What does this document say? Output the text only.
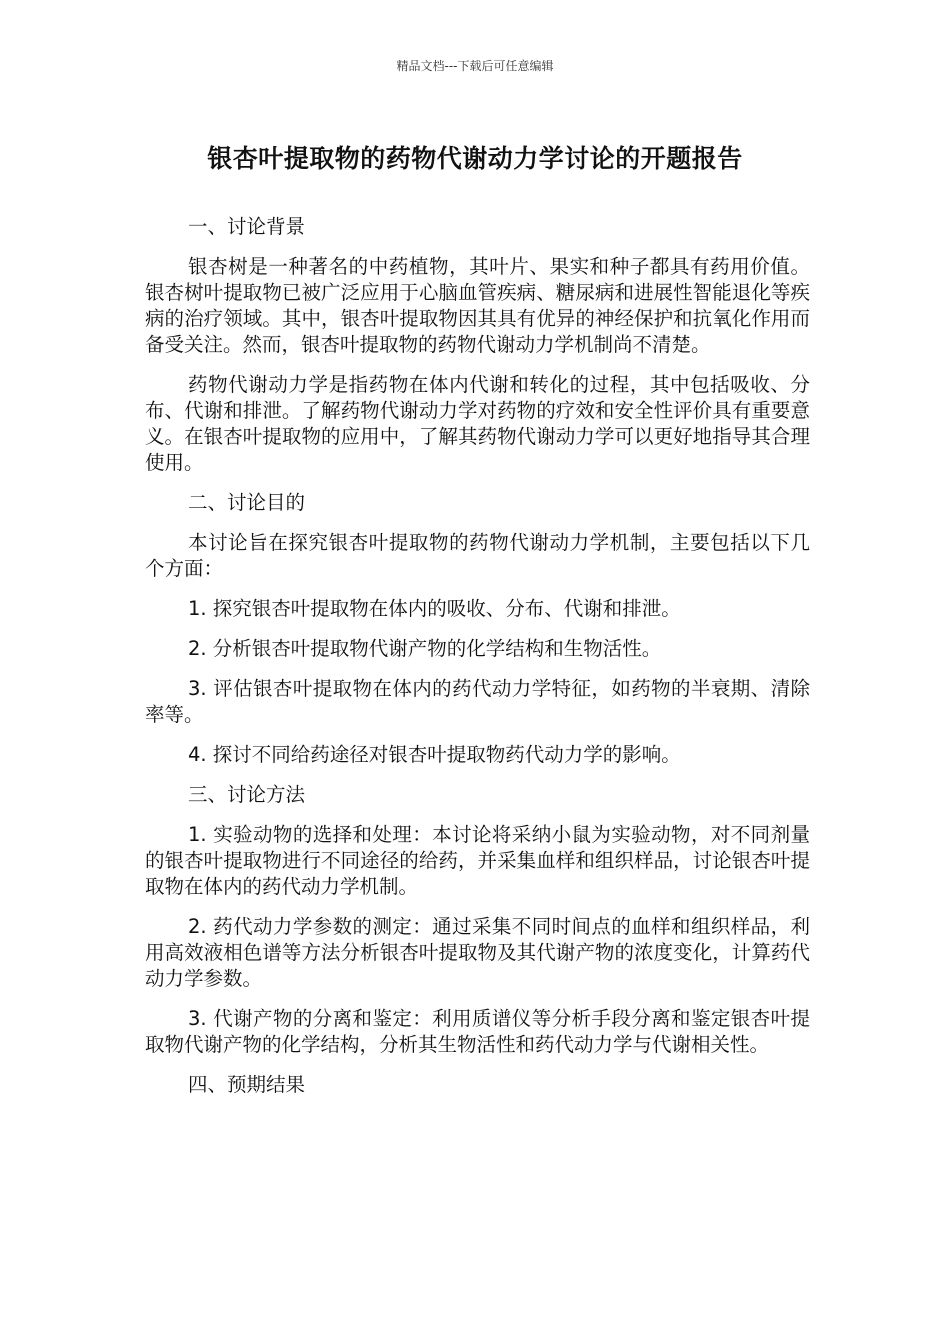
精品文档---下载后可任意编辑
银杏叶提取物的药物代谢动力学讨论的开题报告

一、讨论背景

银杏树是一种著名的中药植物，其叶片、果实和种子都具有药用价值。银杏树叶提取物已被广泛应用于心脑血管疾病、糖尿病和进展性智能退化等疾病的治疗领域。其中，银杏叶提取物因其具有优异的神经保护和抗氧化作用而备受关注。然而，银杏叶提取物的药物代谢动力学机制尚不清楚。

药物代谢动力学是指药物在体内代谢和转化的过程，其中包括吸收、分布、代谢和排泄。了解药物代谢动力学对药物的疗效和安全性评价具有重要意义。在银杏叶提取物的应用中，了解其药物代谢动力学可以更好地指导其合理使用。

二、讨论目的

本讨论旨在探究银杏叶提取物的药物代谢动力学机制，主要包括以下几个方面：

1. 探究银杏叶提取物在体内的吸收、分布、代谢和排泄。

2. 分析银杏叶提取物代谢产物的化学结构和生物活性。

3. 评估银杏叶提取物在体内的药代动力学特征，如药物的半衰期、清除率等。

4. 探讨不同给药途径对银杏叶提取物药代动力学的影响。

三、讨论方法

1. 实验动物的选择和处理：本讨论将采纳小鼠为实验动物，对不同剂量的银杏叶提取物进行不同途径的给药，并采集血样和组织样品，讨论银杏叶提取物在体内的药代动力学机制。

2. 药代动力学参数的测定：通过采集不同时间点的血样和组织样品，利用高效液相色谱等方法分析银杏叶提取物及其代谢产物的浓度变化，计算药代动力学参数。

3. 代谢产物的分离和鉴定：利用质谱仪等分析手段分离和鉴定银杏叶提取物代谢产物的化学结构，分析其生物活性和药代动力学与代谢相关性。

四、预期结果
